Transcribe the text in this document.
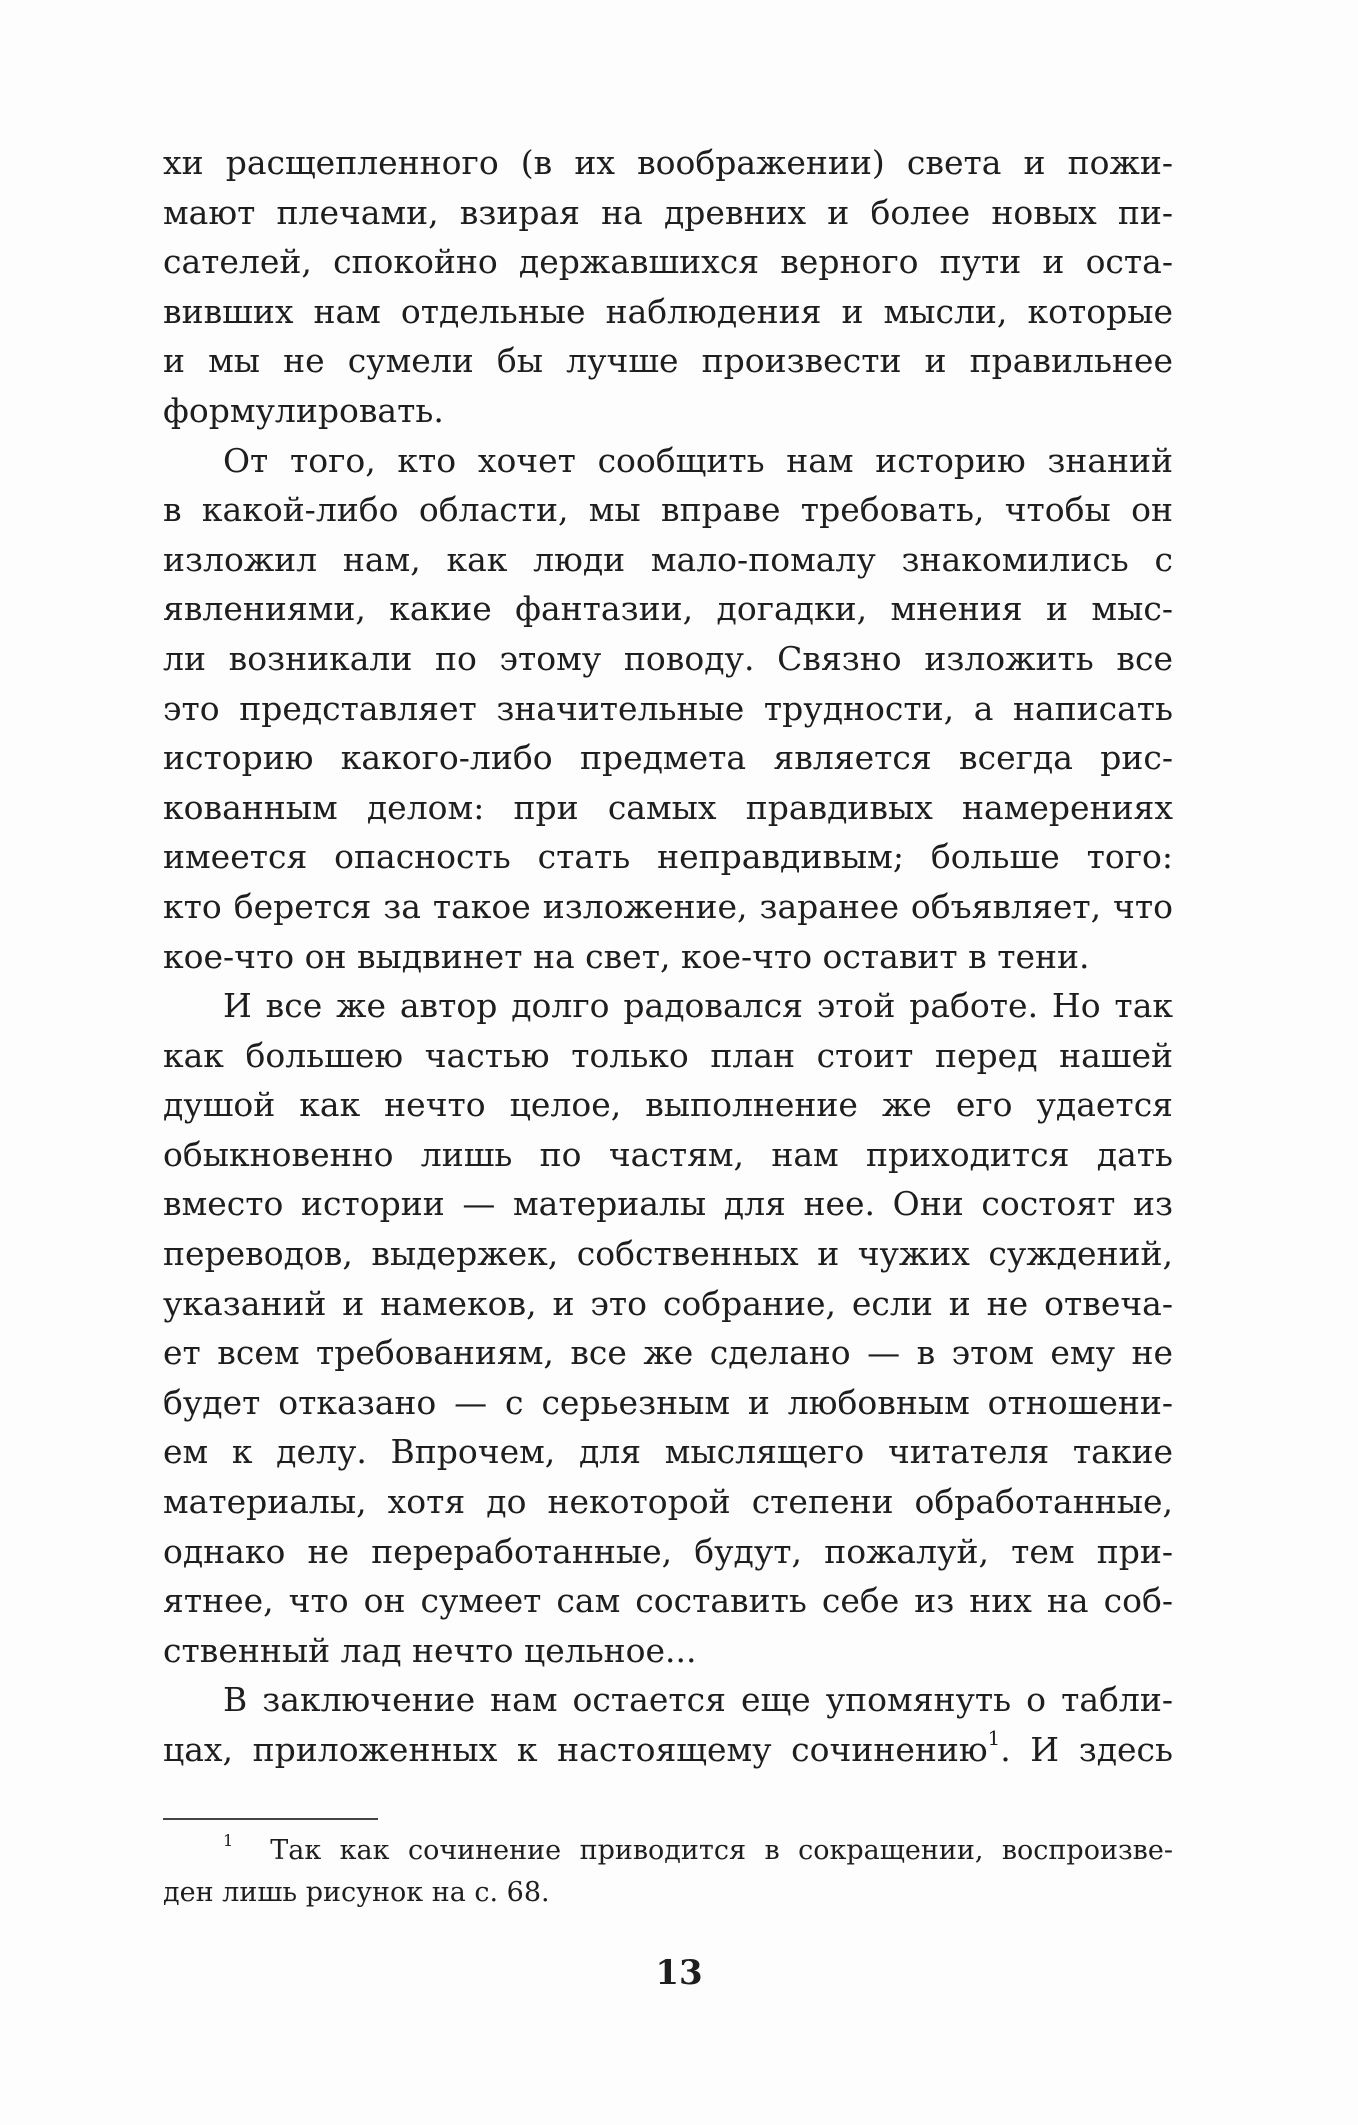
хи расщепленного (в их воображении) света и пожи-
мают плечами, взирая на древних и более новых пи-
сателей, спокойно державшихся верного пути и оста-
вивших нам отдельные наблюдения и мысли, которые
и мы не сумели бы лучше произвести и правильнее
формулировать.
От того, кто хочет сообщить нам историю знаний
в какой-либо области, мы вправе требовать, чтобы он
изложил нам, как люди мало-помалу знакомились с
явлениями, какие фантазии, догадки, мнения и мыс-
ли возникали по этому поводу. Связно изложить все
это представляет значительные трудности, а написать
историю какого-либо предмета является всегда рис-
кованным делом: при самых правдивых намерениях
имеется опасность стать неправдивым; больше того:
кто берется за такое изложение, заранее объявляет, что
кое-что он выдвинет на свет, кое-что оставит в тени.
И все же автор долго радовался этой работе. Но так
как большею частью только план стоит перед нашей
душой как нечто целое, выполнение же его удается
обыкновенно лишь по частям, нам приходится дать
вместо истории — материалы для нее. Они состоят из
переводов, выдержек, собственных и чужих суждений,
указаний и намеков, и это собрание, если и не отвеча-
ет всем требованиям, все же сделано — в этом ему не
будет отказано — с серьезным и любовным отношени-
ем к делу. Впрочем, для мыслящего читателя такие
материалы, хотя до некоторой степени обработанные,
однако не переработанные, будут, пожалуй, тем при-
ятнее, что он сумеет сам составить себе из них на соб-
ственный лад нечто цельное...
В заключение нам остается еще упомянуть о табли-
цах, приложенных к настоящему сочинению$^1$. И здесь
$^1$ Так как сочинение приводится в сокращении, воспроизве-
ден лишь рисунок на с. 68.
13
